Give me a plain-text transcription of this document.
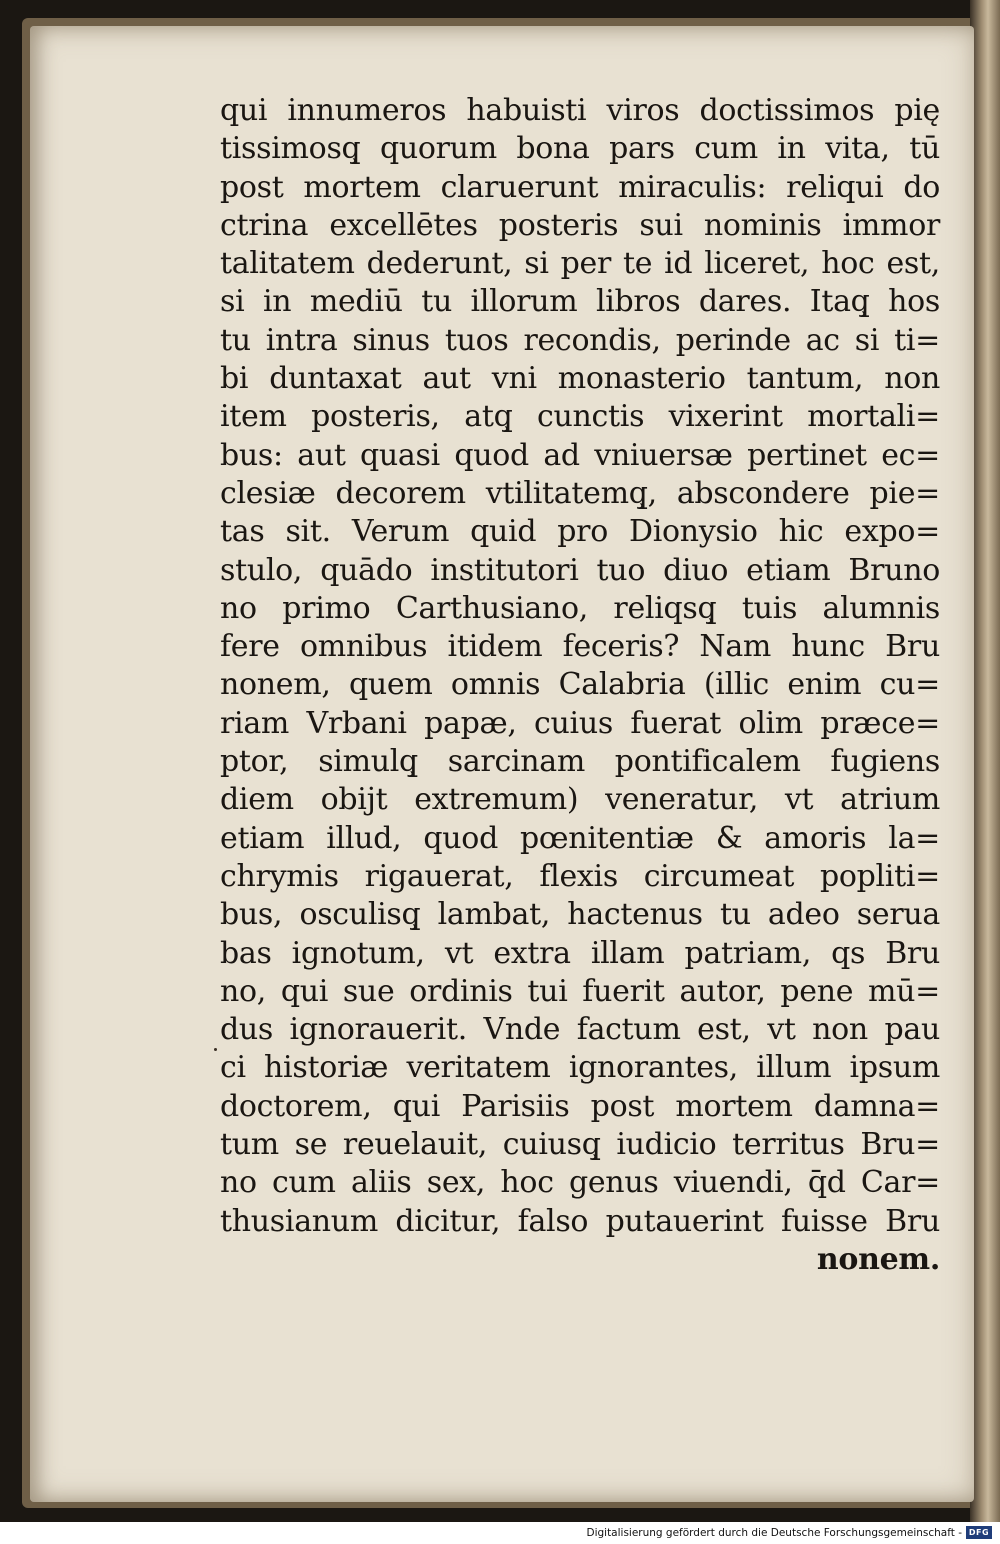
qui innumeros habuisti viros doctissimos pię
tissimosq̧ quorum bona pars cum in vita, tū
post mortem claruerunt miraculis: reliqui do
ctrina excellētes posteris sui nominis immor
talitatem dederunt, si per te id liceret, hoc est,
si in mediū tu illorum libros dares. Itaq̧ hos
tu intra sinus tuos recondis, perinde ac si ti=
bi duntaxat aut vni monasterio tantum, non
item posteris, atq̧ cunctis vixerint mortali=
bus: aut quasi quod ad vniuersæ pertinet ec=
clesiæ decorem vtilitatemq̧, abscondere pie=
tas sit. Verum quid pro Dionysio hic expo=
stulo, quādo institutori tuo diuo etiam Bruno
no primo Carthusiano, reliqsq̧ tuis alumnis
fere omnibus itidem feceris? Nam hunc Bru
nonem, quem omnis Calabria (illic enim cu=
riam Vrbani papæ, cuius fuerat olim præce=
ptor, simulq̧ sarcinam pontificalem fugiens
diem obijt extremum) veneratur, vt atrium
etiam illud, quod pœnitentiæ & amoris la=
chrymis rigauerat, flexis circumeat popliti=
bus, osculisq̧ lambat, hactenus tu adeo serua
bas ignotum, vt extra illam patriam, qs Bru
no, qui sue ordinis tui fuerit autor, pene mū=
dus ignorauerit. Vnde factum est, vt non pau
ci historiæ veritatem ignorantes, illum ipsum
doctorem, qui Parisiis post mortem damna=
tum se reuelauit, cuiusq̧ iudicio territus Bru=
no cum aliis sex, hoc genus viuendi, q̄d Car=
thusianum dicitur, falso putauerint fuisse Bru
nonem.
Digitalisierung gefördert durch die Deutsche Forschungsgemeinschaft - DFG
